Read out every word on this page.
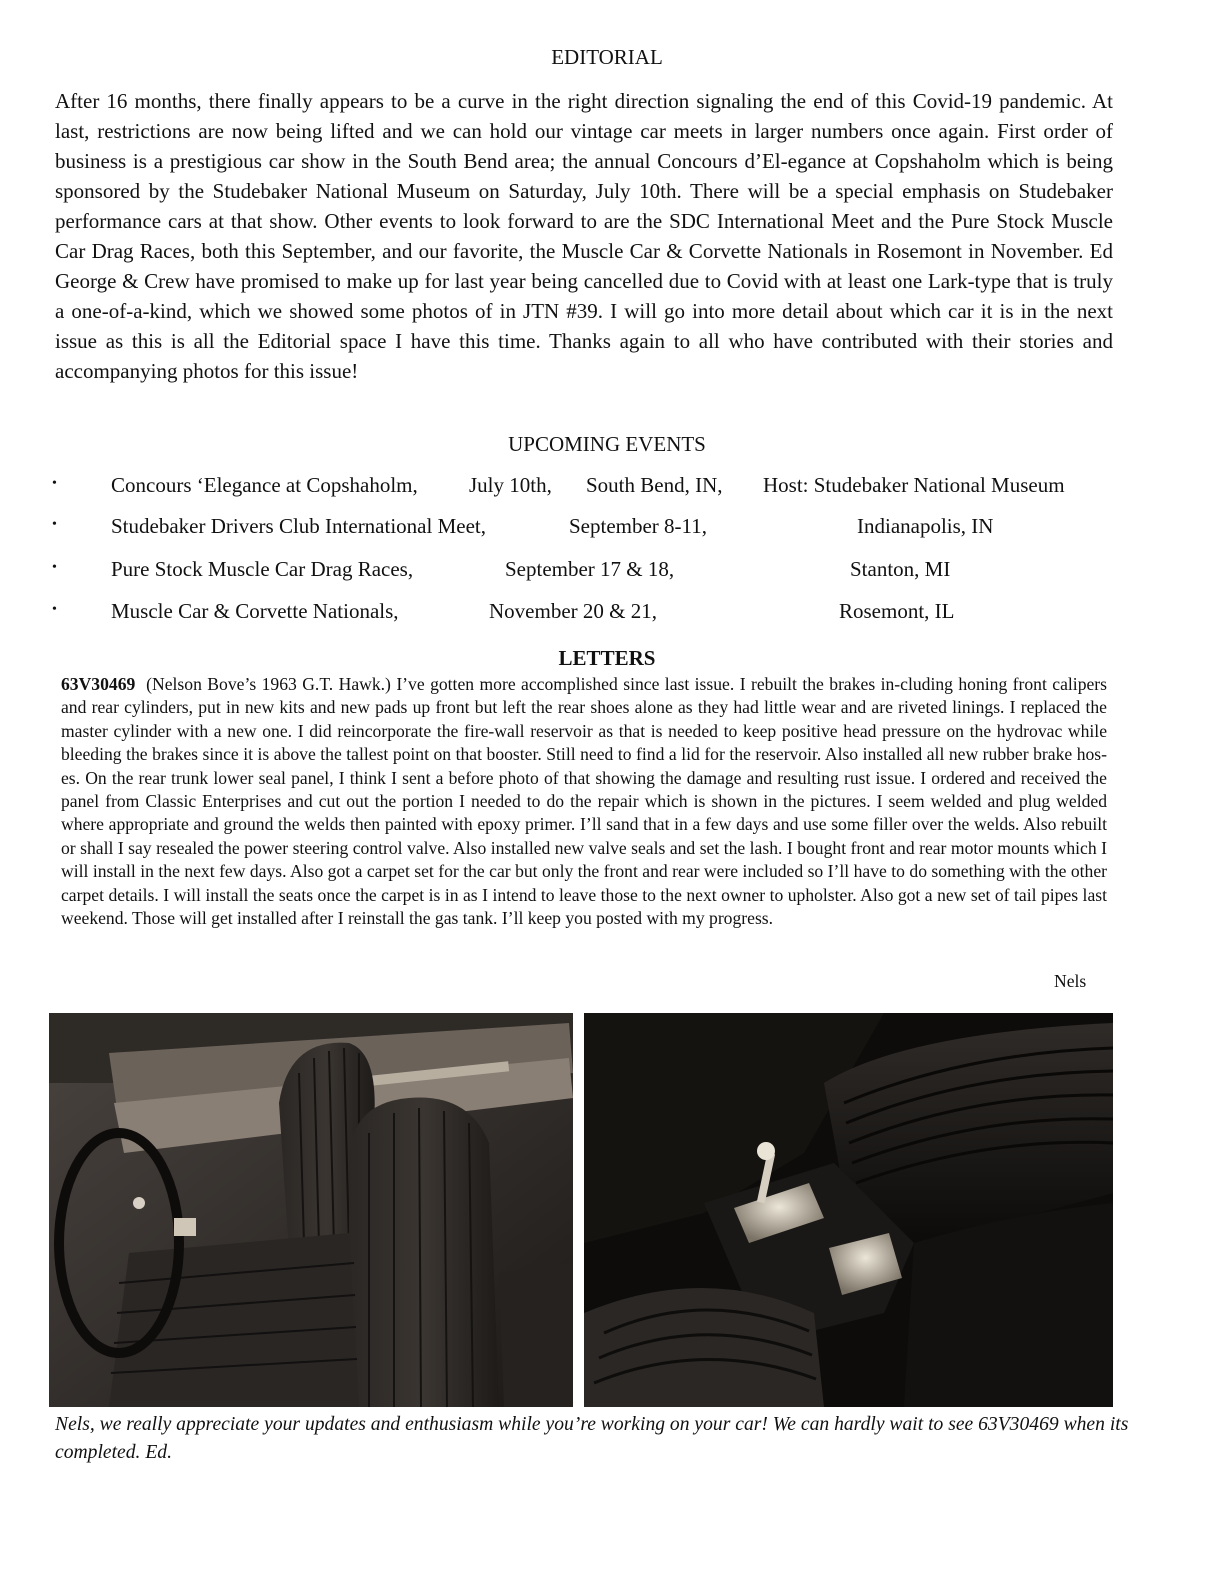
EDITORIAL
After 16 months, there finally appears to be a curve in the right direction signaling the end of this Covid-19 pandemic. At last, restrictions are now being lifted and we can hold our vintage car meets in larger numbers once again. First order of business is a prestigious car show in the South Bend area; the annual Concours d’El-egance at Copshaholm which is being sponsored by the Studebaker National Museum on Saturday, July 10th. There will be a special emphasis on Studebaker performance cars at that show. Other events to look forward to are the SDC International Meet and the Pure Stock Muscle Car Drag Races, both this September, and our favorite, the Muscle Car & Corvette Nationals in Rosemont in November. Ed George & Crew have promised to make up for last year being cancelled due to Covid with at least one Lark-type that is truly a one-of-a-kind, which we showed some photos of in JTN #39. I will go into more detail about which car it is in the next issue as this is all the Editorial space I have this time. Thanks again to all who have contributed with their stories and accompanying photos for this issue!
UPCOMING EVENTS
•	Concours ‘Elegance at Copshaholm, July 10th, South Bend, IN, Host: Studebaker National Museum
•	Studebaker Drivers Club International Meet,	September 8-11,	Indianapolis, IN
•	Pure Stock Muscle Car Drag Races,	September 17 & 18,	Stanton, MI
•	Muscle Car & Corvette Nationals,	November 20 & 21,	Rosemont, IL
LETTERS
63V30469 (Nelson Bove’s 1963 G.T. Hawk.) I’ve gotten more accomplished since last issue. I rebuilt the brakes in-cluding honing front calipers and rear cylinders, put in new kits and new pads up front but left the rear shoes alone as they had little wear and are riveted linings. I replaced the master cylinder with a new one. I did reincorporate the fire-wall reservoir as that is needed to keep positive head pressure on the hydrovac while bleeding the brakes since it is above the tallest point on that booster. Still need to find a lid for the reservoir. Also installed all new rubber brake hos-es. On the rear trunk lower seal panel, I think I sent a before photo of that showing the damage and resulting rust issue. I ordered and received the panel from Classic Enterprises and cut out the portion I needed to do the repair which is shown in the pictures. I seem welded and plug welded where appropriate and ground the welds then painted with epoxy primer. I’ll sand that in a few days and use some filler over the welds. Also rebuilt or shall I say resealed the power steering control valve. Also installed new valve seals and set the lash. I bought front and rear motor mounts which I will install in the next few days. Also got a carpet set for the car but only the front and rear were included so I’ll have to do something with the other carpet details. I will install the seats once the carpet is in as I intend to leave those to the next owner to upholster. Also got a new set of tail pipes last weekend. Those will get installed after I reinstall the gas tank. I’ll keep you posted with my progress.
Nels
Nels, we really appreciate your updates and enthusiasm while you’re working on your car! We can hardly wait to see 63V30469 when its completed. Ed.
